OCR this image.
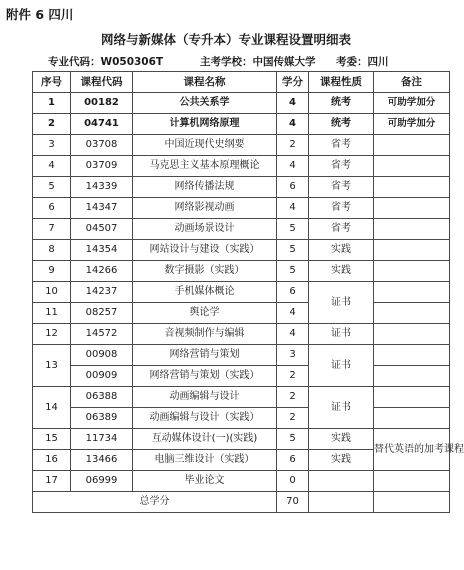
附件 6 四川
网络与新媒体（专升本）专业课程设置明细表
专业代码：W050306T	主考学校：中国传媒大学 考委：四川
序号	课程代码	课程名称	学分	课程性质	备注
1	00182	公共关系学	4	统考	可助学加分
2	04741	计算机网络原理	4	统考	可助学加分
3	03708	中国近现代史纲要	2	省考	
4	03709	马克思主义基本原理概论	4	省考	
5	14339	网络传播法规	6	省考	
6	14347	网络影视动画	4	省考	
7	04507	动画场景设计	5	省考	
8	14354	网站设计与建设（实践）	5	实践	
9	14266	数字摄影（实践）	5	实践	
10	14237	手机媒体概论	6	证书	
11	08257	舆论学	4		
12	14572	音视频制作与编辑	4	证书	
13	00908	网络营销与策划	3	证书	
	00909	网络营销与策划（实践）	2		
14	06388	动画编辑与设计	2	证书	
	06389	动画编辑与设计（实践）	2		
15	11734	互动媒体设计(一)(实践)	5	实践	替代英语的加考课程
16	13466	电脑三维设计（实践）	6	实践	
17	06999	毕业论文	0		
总学分			70		
